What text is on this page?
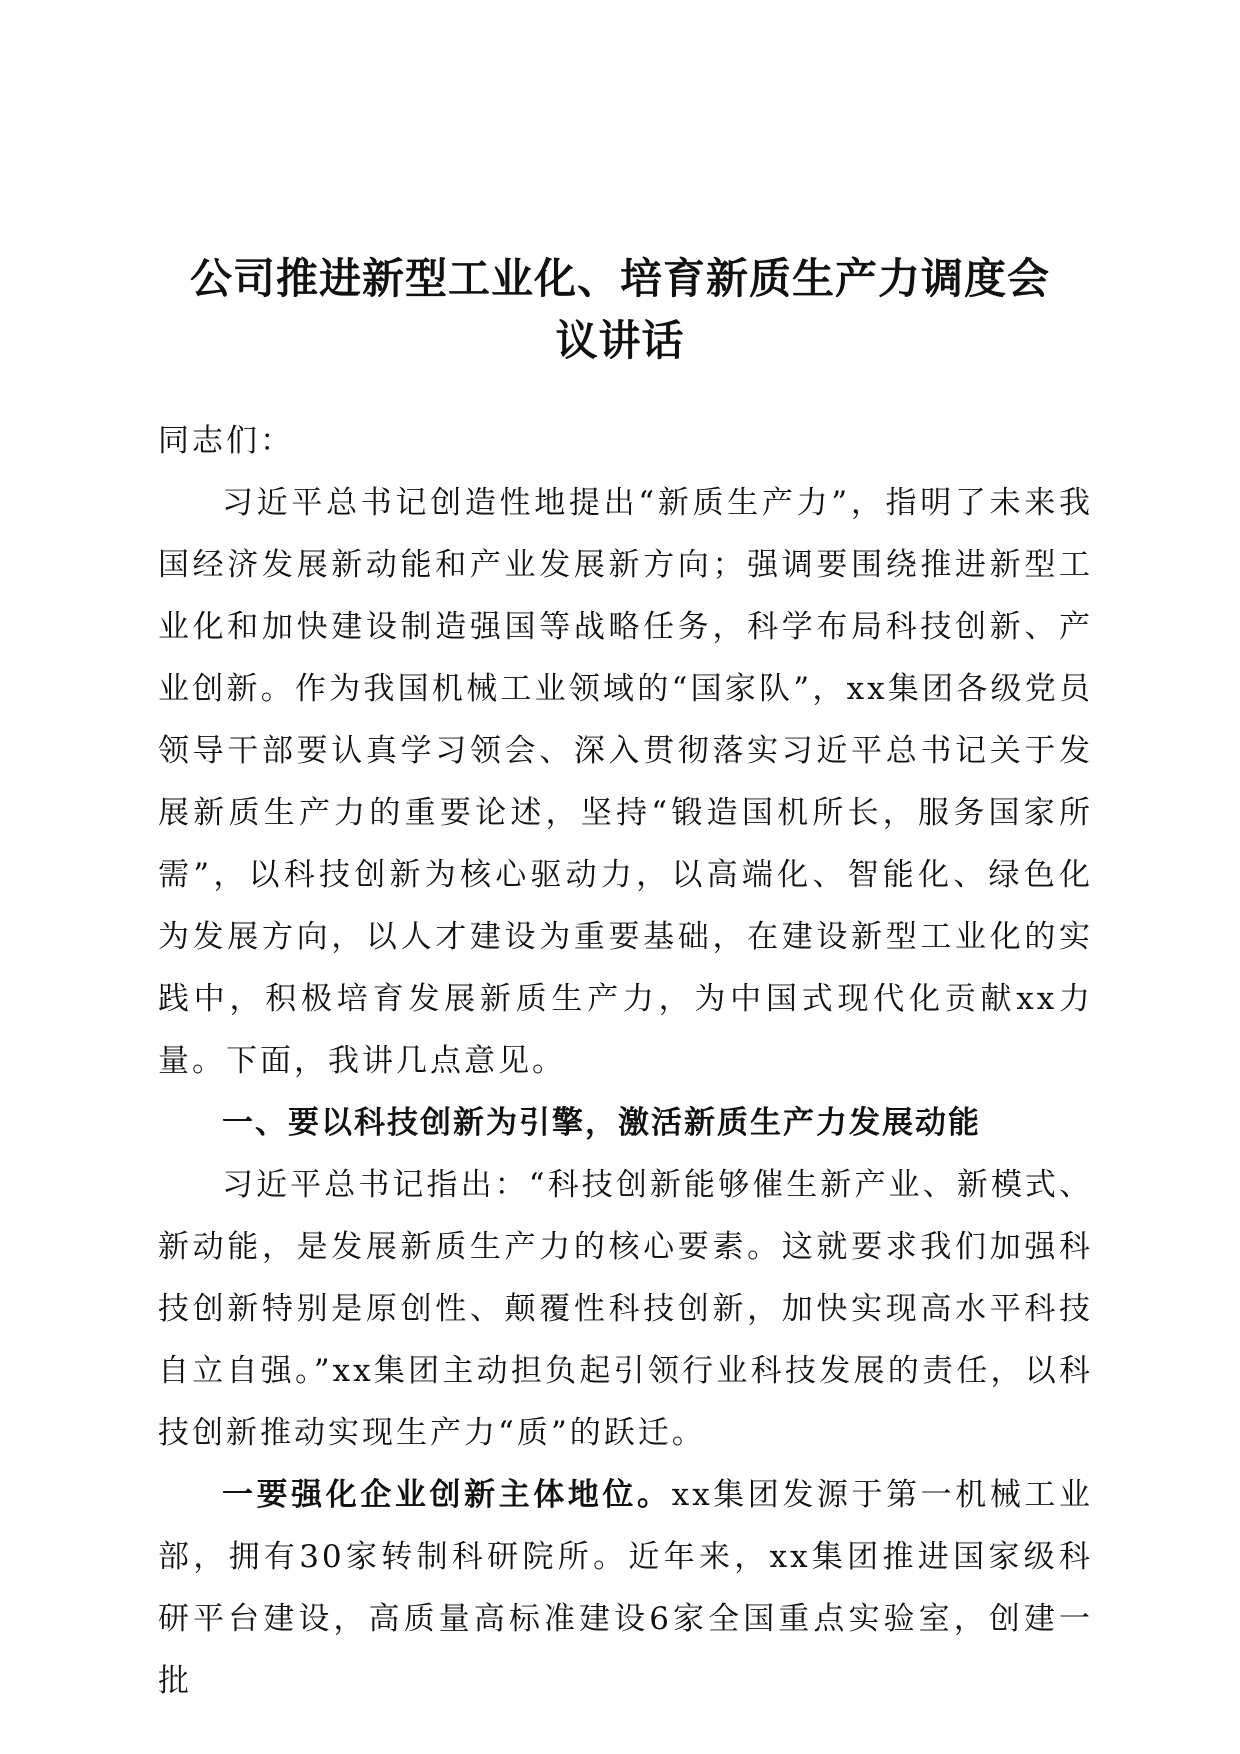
公司推进新型工业化、培育新质生产力调度会
议讲话

同志们：

习近平总书记创造性地提出“新质生产力”，指明了未来我国经济发展新动能和产业发展新方向；强调要围绕推进新型工业化和加快建设制造强国等战略任务，科学布局科技创新、产业创新。作为我国机械工业领域的“国家队”，xx集团各级党员领导干部要认真学习领会、深入贯彻落实习近平总书记关于发展新质生产力的重要论述，坚持“锻造国机所长，服务国家所需”，以科技创新为核心驱动力，以高端化、智能化、绿色化为发展方向，以人才建设为重要基础，在建设新型工业化的实践中，积极培育发展新质生产力，为中国式现代化贡献xx力量。下面，我讲几点意见。

一、要以科技创新为引擎，激活新质生产力发展动能

习近平总书记指出：“科技创新能够催生新产业、新模式、新动能，是发展新质生产力的核心要素。这就要求我们加强科技创新特别是原创性、颠覆性科技创新，加快实现高水平科技自立自强。”xx集团主动担负起引领行业科技发展的责任，以科技创新推动实现生产力“质”的跃迁。

一要强化企业创新主体地位。xx集团发源于第一机械工业部，拥有30家转制科研院所。近年来，xx集团推进国家级科研平台建设，高质量高标准建设6家全国重点实验室，创建一批
